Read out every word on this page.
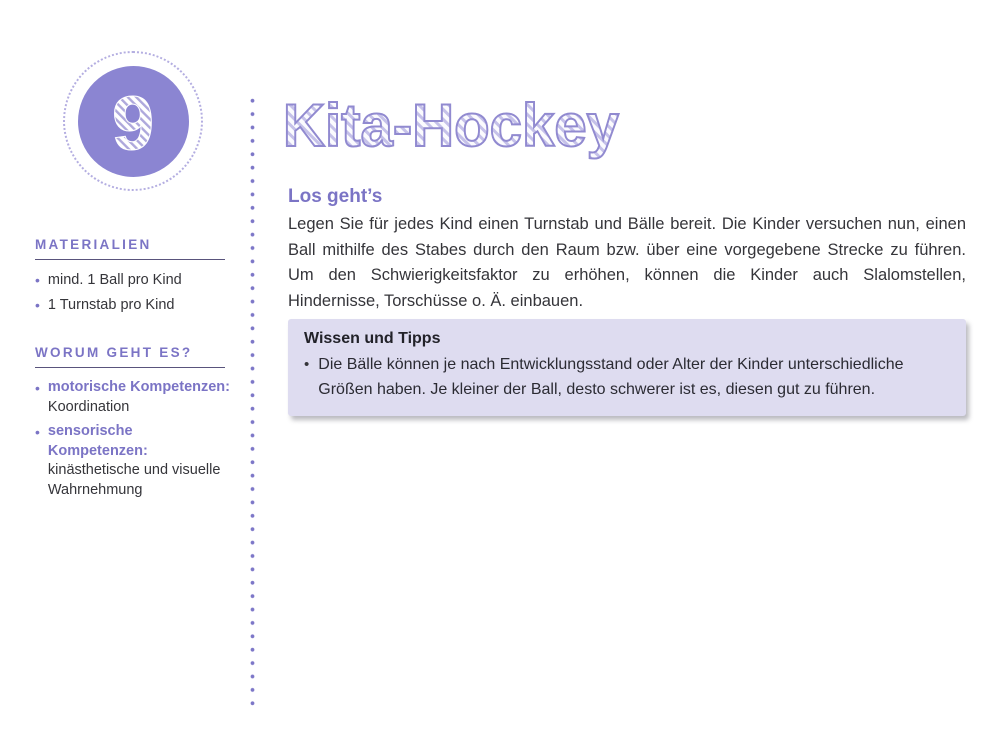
9
MATERIALIEN
• mind. 1 Ball pro Kind
• 1 Turnstab pro Kind
WORUM GEHT ES?
• motorische Kompetenzen:
Koordination
• sensorische Kompetenzen:
kinästhetische und visuelle Wahrnehmung
Kita-Hockey
Los geht’s

Legen Sie für jedes Kind einen Turnstab und Bälle bereit. Die Kinder versuchen nun, einen Ball mithilfe des Stabes durch den Raum bzw. über eine vorgegebene Strecke zu führen. Um den Schwierigkeitsfaktor zu erhöhen, können die Kinder auch Slalomstellen, Hindernisse, Torschüsse o. Ä. einbauen.

Wissen und Tipps
• Die Bälle können je nach Entwicklungsstand oder Alter der Kinder unterschiedliche Größen haben. Je kleiner der Ball, desto schwerer ist es, diesen gut zu führen.
